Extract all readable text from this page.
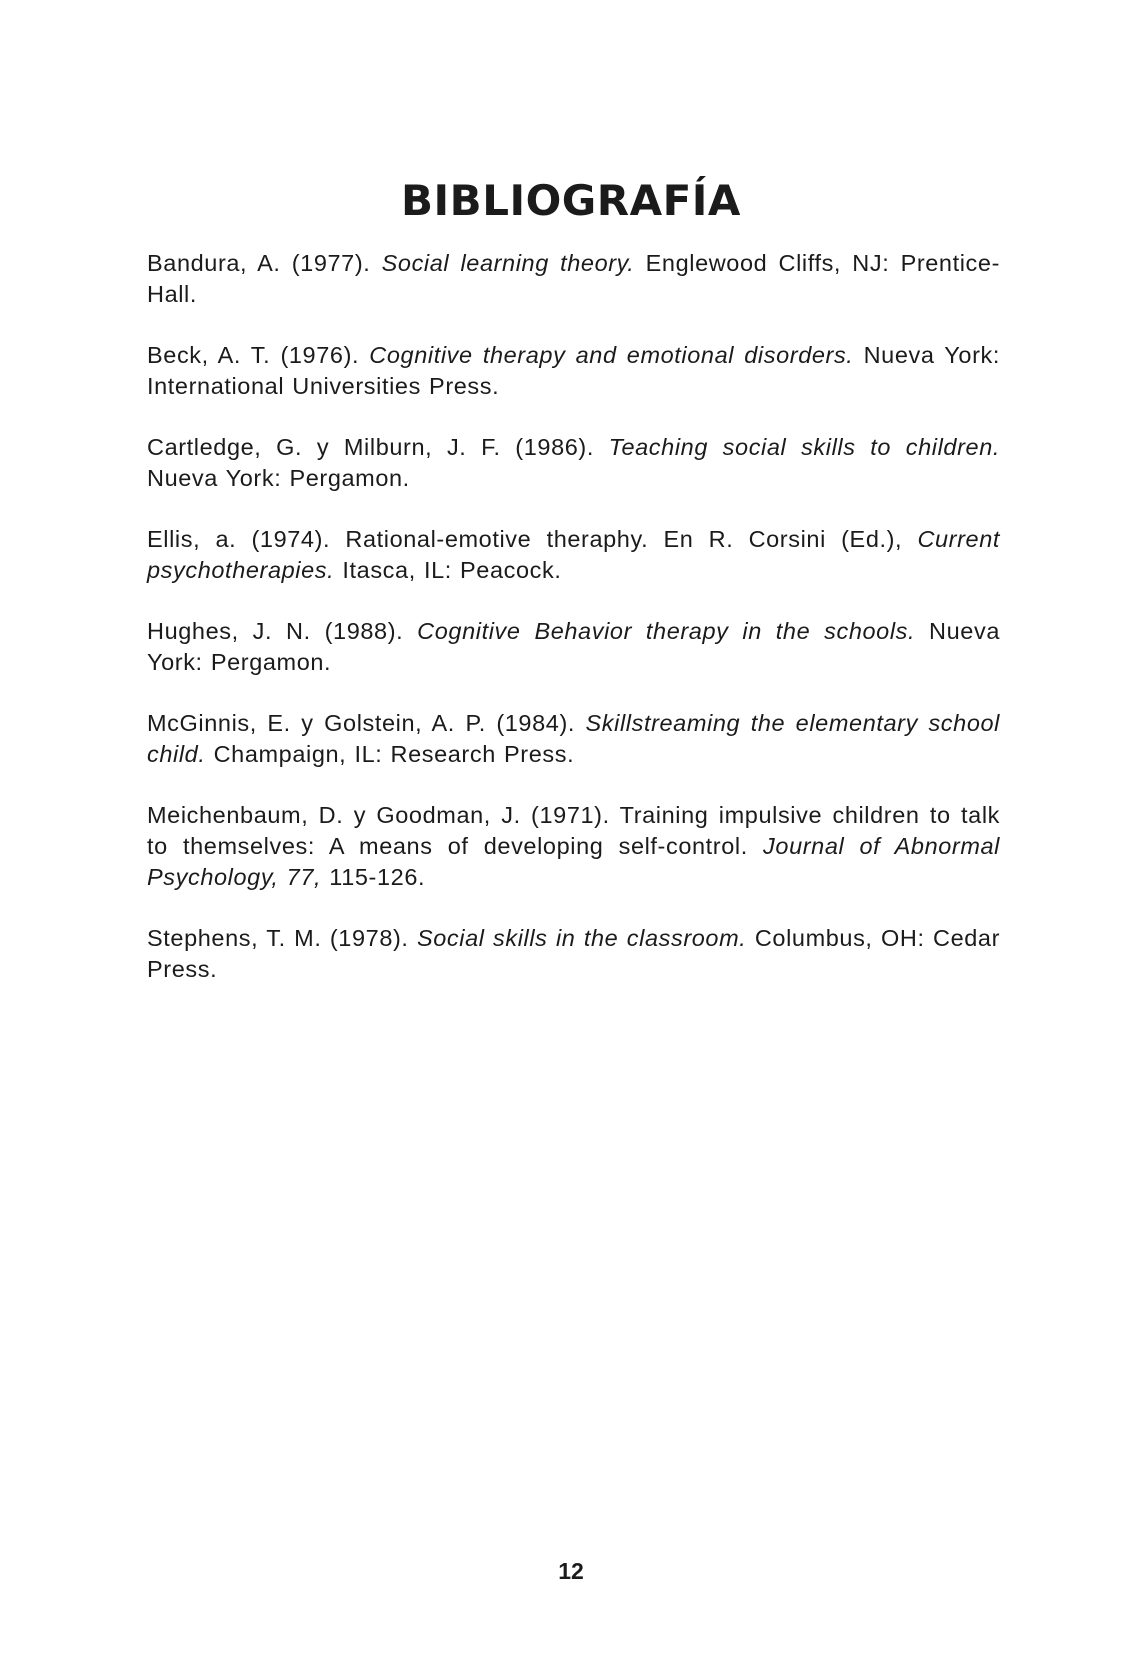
BIBLIOGRAFÍA

Bandura, A. (1977). Social learning theory. Englewood Cliffs, NJ: Prentice-Hall.

Beck, A. T. (1976). Cognitive therapy and emotional disorders. Nueva York: International Universities Press.

Cartledge, G. y Milburn, J. F. (1986). Teaching social skills to children. Nueva York: Pergamon.

Ellis, a. (1974). Rational-emotive theraphy. En R. Corsini (Ed.), Current psychotherapies. Itasca, IL: Peacock.

Hughes, J. N. (1988). Cognitive Behavior therapy in the schools. Nueva York: Pergamon.

McGinnis, E. y Golstein, A. P. (1984). Skillstreaming the elementary school child. Champaign, IL: Research Press.

Meichenbaum, D. y Goodman, J. (1971). Training impulsive children to talk to themselves: A means of developing self-control. Journal of Abnormal Psychology, 77, 115-126.

Stephens, T. M. (1978). Social skills in the classroom. Columbus, OH: Cedar Press.

12
